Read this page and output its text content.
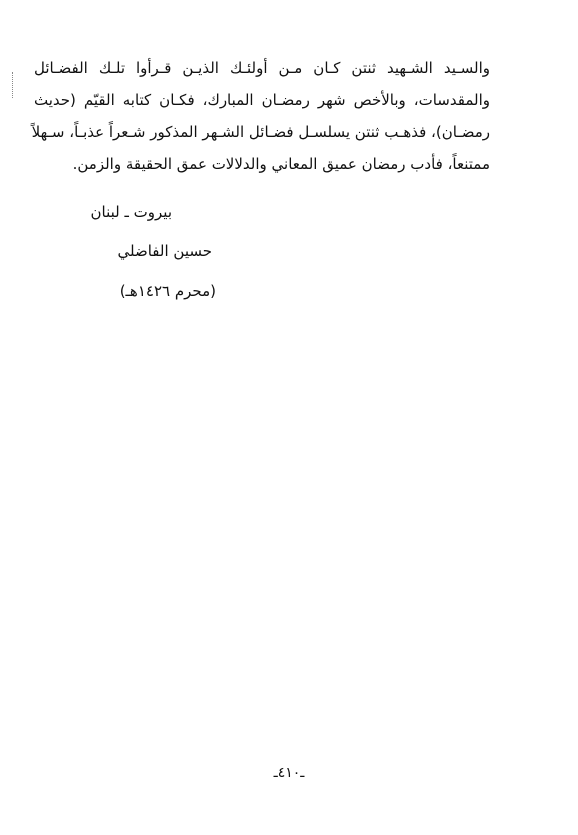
والسـيد الشـهيد ثنتن كـان مـن أولئـك الذيـن قـرأوا تلـك الفضـائل
والمقدسات، وبالأخص شهر رمضـان المبارك، فكـان كتابه القيّم (حديث
رمضـان)، فذهـب ثنتن يسلسـل فضـائل الشـهر المذكور شـعراً عذبـاً، سـهلاً
ممتنعاً، فأدب رمضان عميق المعاني والدلالات عمق الحقيقة والزمن.
بيروت ـ لبنان
حسين الفاضلي
(محرم ١٤٢٦هـ)
ـ٤١٠ـ
